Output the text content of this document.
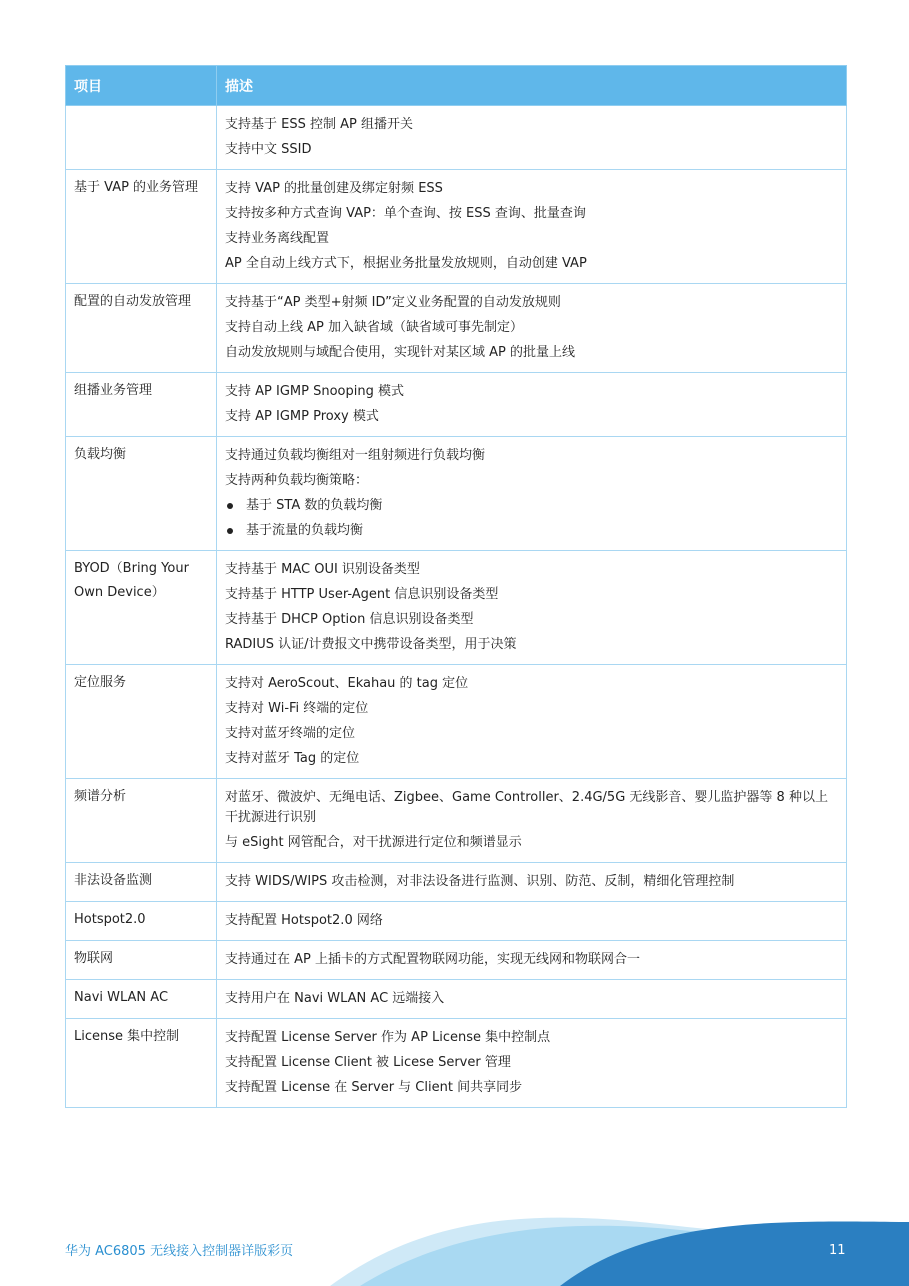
项目	描述

	支持基于 ESS 控制 AP 组播开关
支持中文 SSID

基于 VAP 的业务管理	支持 VAP 的批量创建及绑定射频 ESS
支持按多种方式查询 VAP：单个查询、按 ESS 查询、批量查询
支持业务离线配置
AP 全自动上线方式下，根据业务批量发放规则，自动创建 VAP

配置的自动发放管理	支持基于“AP 类型+射频 ID”定义业务配置的自动发放规则
支持自动上线 AP 加入缺省域（缺省域可事先制定）
自动发放规则与域配合使用，实现针对某区域 AP 的批量上线

组播业务管理	支持 AP IGMP Snooping 模式
支持 AP IGMP Proxy 模式

负载均衡	支持通过负载均衡组对一组射频进行负载均衡
支持两种负载均衡策略：
基于 STA 数的负载均衡
基于流量的负载均衡

BYOD（Bring Your Own Device）	支持基于 MAC OUI 识别设备类型
支持基于 HTTP User-Agent 信息识别设备类型
支持基于 DHCP Option 信息识别设备类型
RADIUS 认证/计费报文中携带设备类型，用于决策

定位服务	支持对 AeroScout、Ekahau 的 tag 定位
支持对 Wi-Fi 终端的定位
支持对蓝牙终端的定位
支持对蓝牙 Tag 的定位

频谱分析	对蓝牙、微波炉、无绳电话、Zigbee、Game Controller、2.4G/5G 无线影音、婴儿监护器等 8 种以上干扰源进行识别
与 eSight 网管配合，对干扰源进行定位和频谱显示

非法设备监测	支持 WIDS/WIPS 攻击检测，对非法设备进行监测、识别、防范、反制，精细化管理控制

Hotspot2.0	支持配置 Hotspot2.0 网络

物联网	支持通过在 AP 上插卡的方式配置物联网功能，实现无线网和物联网合一

Navi WLAN AC	支持用户在 Navi WLAN AC 远端接入

License 集中控制	支持配置 License Server 作为 AP License 集中控制点
支持配置 License Client 被 Licese Server 管理
支持配置 License 在 Server 与 Client 间共享同步
华为 AC6805 无线接入控制器详版彩页	11
